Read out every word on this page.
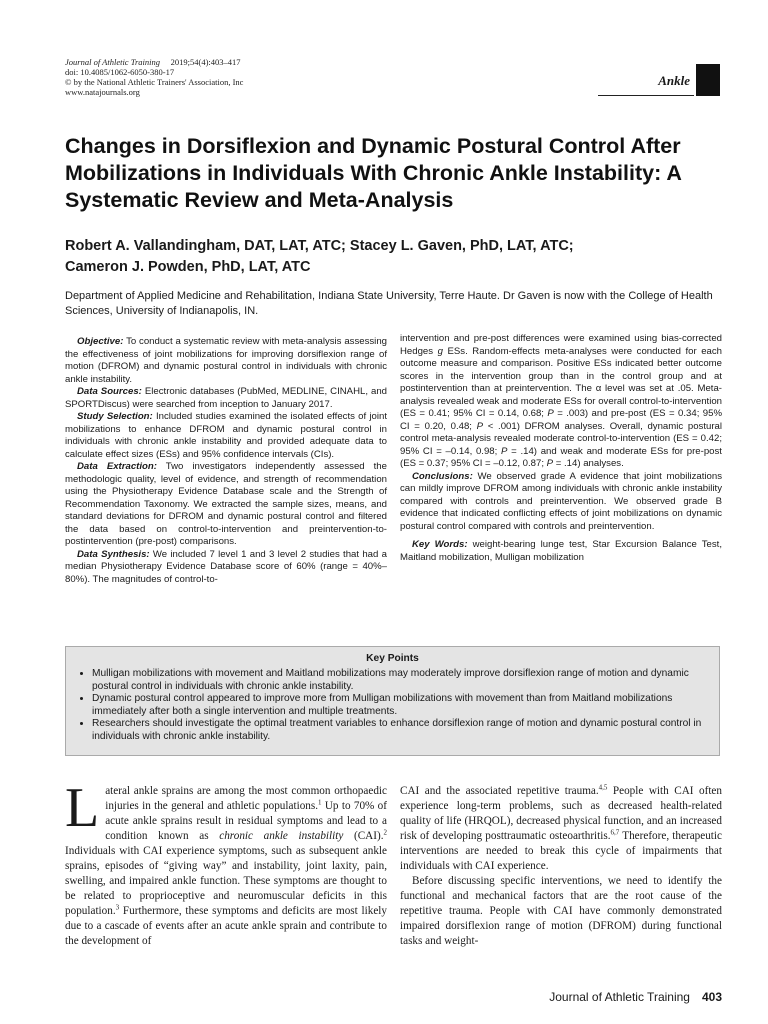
Journal of Athletic Training 2019;54(4):403–417
doi: 10.4085/1062-6050-380-17
© by the National Athletic Trainers' Association, Inc
www.natajournals.org
Ankle
Changes in Dorsiflexion and Dynamic Postural Control After Mobilizations in Individuals With Chronic Ankle Instability: A Systematic Review and Meta-Analysis
Robert A. Vallandingham, DAT, LAT, ATC; Stacey L. Gaven, PhD, LAT, ATC;
Cameron J. Powden, PhD, LAT, ATC
Department of Applied Medicine and Rehabilitation, Indiana State University, Terre Haute. Dr Gaven is now with the College of Health Sciences, University of Indianapolis, IN.

Objective: To conduct a systematic review with meta-analysis assessing the effectiveness of joint mobilizations for improving dorsiflexion range of motion (DFROM) and dynamic postural control in individuals with chronic ankle instability.

Data Sources: Electronic databases (PubMed, MEDLINE, CINAHL, and SPORTDiscus) were searched from inception to January 2017.

Study Selection: Included studies examined the isolated effects of joint mobilizations to enhance DFROM and dynamic postural control in individuals with chronic ankle instability and provided adequate data to calculate effect sizes (ESs) and 95% confidence intervals (CIs).

Data Extraction: Two investigators independently assessed the methodologic quality, level of evidence, and strength of recommendation using the Physiotherapy Evidence Database scale and the Strength of Recommendation Taxonomy. We extracted the sample sizes, means, and standard deviations for DFROM and dynamic postural control and filtered the data based on control-to-intervention and preintervention-to-postintervention (pre-post) comparisons.

Data Synthesis: We included 7 level 1 and 3 level 2 studies that had a median Physiotherapy Evidence Database score of 60% (range = 40%–80%). The magnitudes of control-to-

intervention and pre-post differences were examined using bias-corrected Hedges g ESs. Random-effects meta-analyses were conducted for each outcome measure and comparison. Positive ESs indicated better outcome scores in the intervention group than in the control group and at postintervention than at preintervention. The α level was set at .05. Meta-analysis revealed weak and moderate ESs for overall control-to-intervention (ES = 0.41; 95% CI = 0.14, 0.68; P = .003) and pre-post (ES = 0.34; 95% CI = 0.20, 0.48; P < .001) DFROM analyses. Overall, dynamic postural control meta-analysis revealed moderate control-to-intervention (ES = 0.42; 95% CI = –0.14, 0.98; P = .14) and weak and moderate ESs for pre-post (ES = 0.37; 95% CI = –0.12, 0.87; P = .14) analyses.

Conclusions: We observed grade A evidence that joint mobilizations can mildly improve DFROM among individuals with chronic ankle instability compared with controls and preintervention. We observed grade B evidence that indicated conflicting effects of joint mobilizations on dynamic postural control compared with controls and preintervention.

Key Words: weight-bearing lunge test, Star Excursion Balance Test, Maitland mobilization, Mulligan mobilization

Key Points
• Mulligan mobilizations with movement and Maitland mobilizations may moderately improve dorsiflexion range of motion and dynamic postural control in individuals with chronic ankle instability.
• Dynamic postural control appeared to improve more from Mulligan mobilizations with movement than from Maitland mobilizations immediately after both a single intervention and multiple treatments.
• Researchers should investigate the optimal treatment variables to enhance dorsiflexion range of motion and dynamic postural control in individuals with chronic ankle instability.

Lateral ankle sprains are among the most common orthopaedic injuries in the general and athletic populations.$^1$ Up to 70% of acute ankle sprains result in residual symptoms and lead to a condition known as chronic ankle instability (CAI).$^2$ Individuals with CAI experience symptoms, such as subsequent ankle sprains, episodes of “giving way” and instability, joint laxity, pain, swelling, and impaired ankle function. These symptoms are thought to be related to proprioceptive and neuromuscular deficits in this population.$^3$ Furthermore, these symptoms and deficits are most likely due to a cascade of events after an acute ankle sprain and contribute to the development of

CAI and the associated repetitive trauma.$^{4,5}$ People with CAI often experience long-term problems, such as decreased health-related quality of life (HRQOL), decreased physical function, and an increased risk of developing posttraumatic osteoarthritis.$^{6,7}$ Therefore, therapeutic interventions are needed to break this cycle of impairments that individuals with CAI experience.

Before discussing specific interventions, we need to identify the functional and mechanical factors that are the root cause of the repetitive trauma. People with CAI have commonly demonstrated impaired dorsiflexion range of motion (DFROM) during functional tasks and weight-

Journal of Athletic Training 403
